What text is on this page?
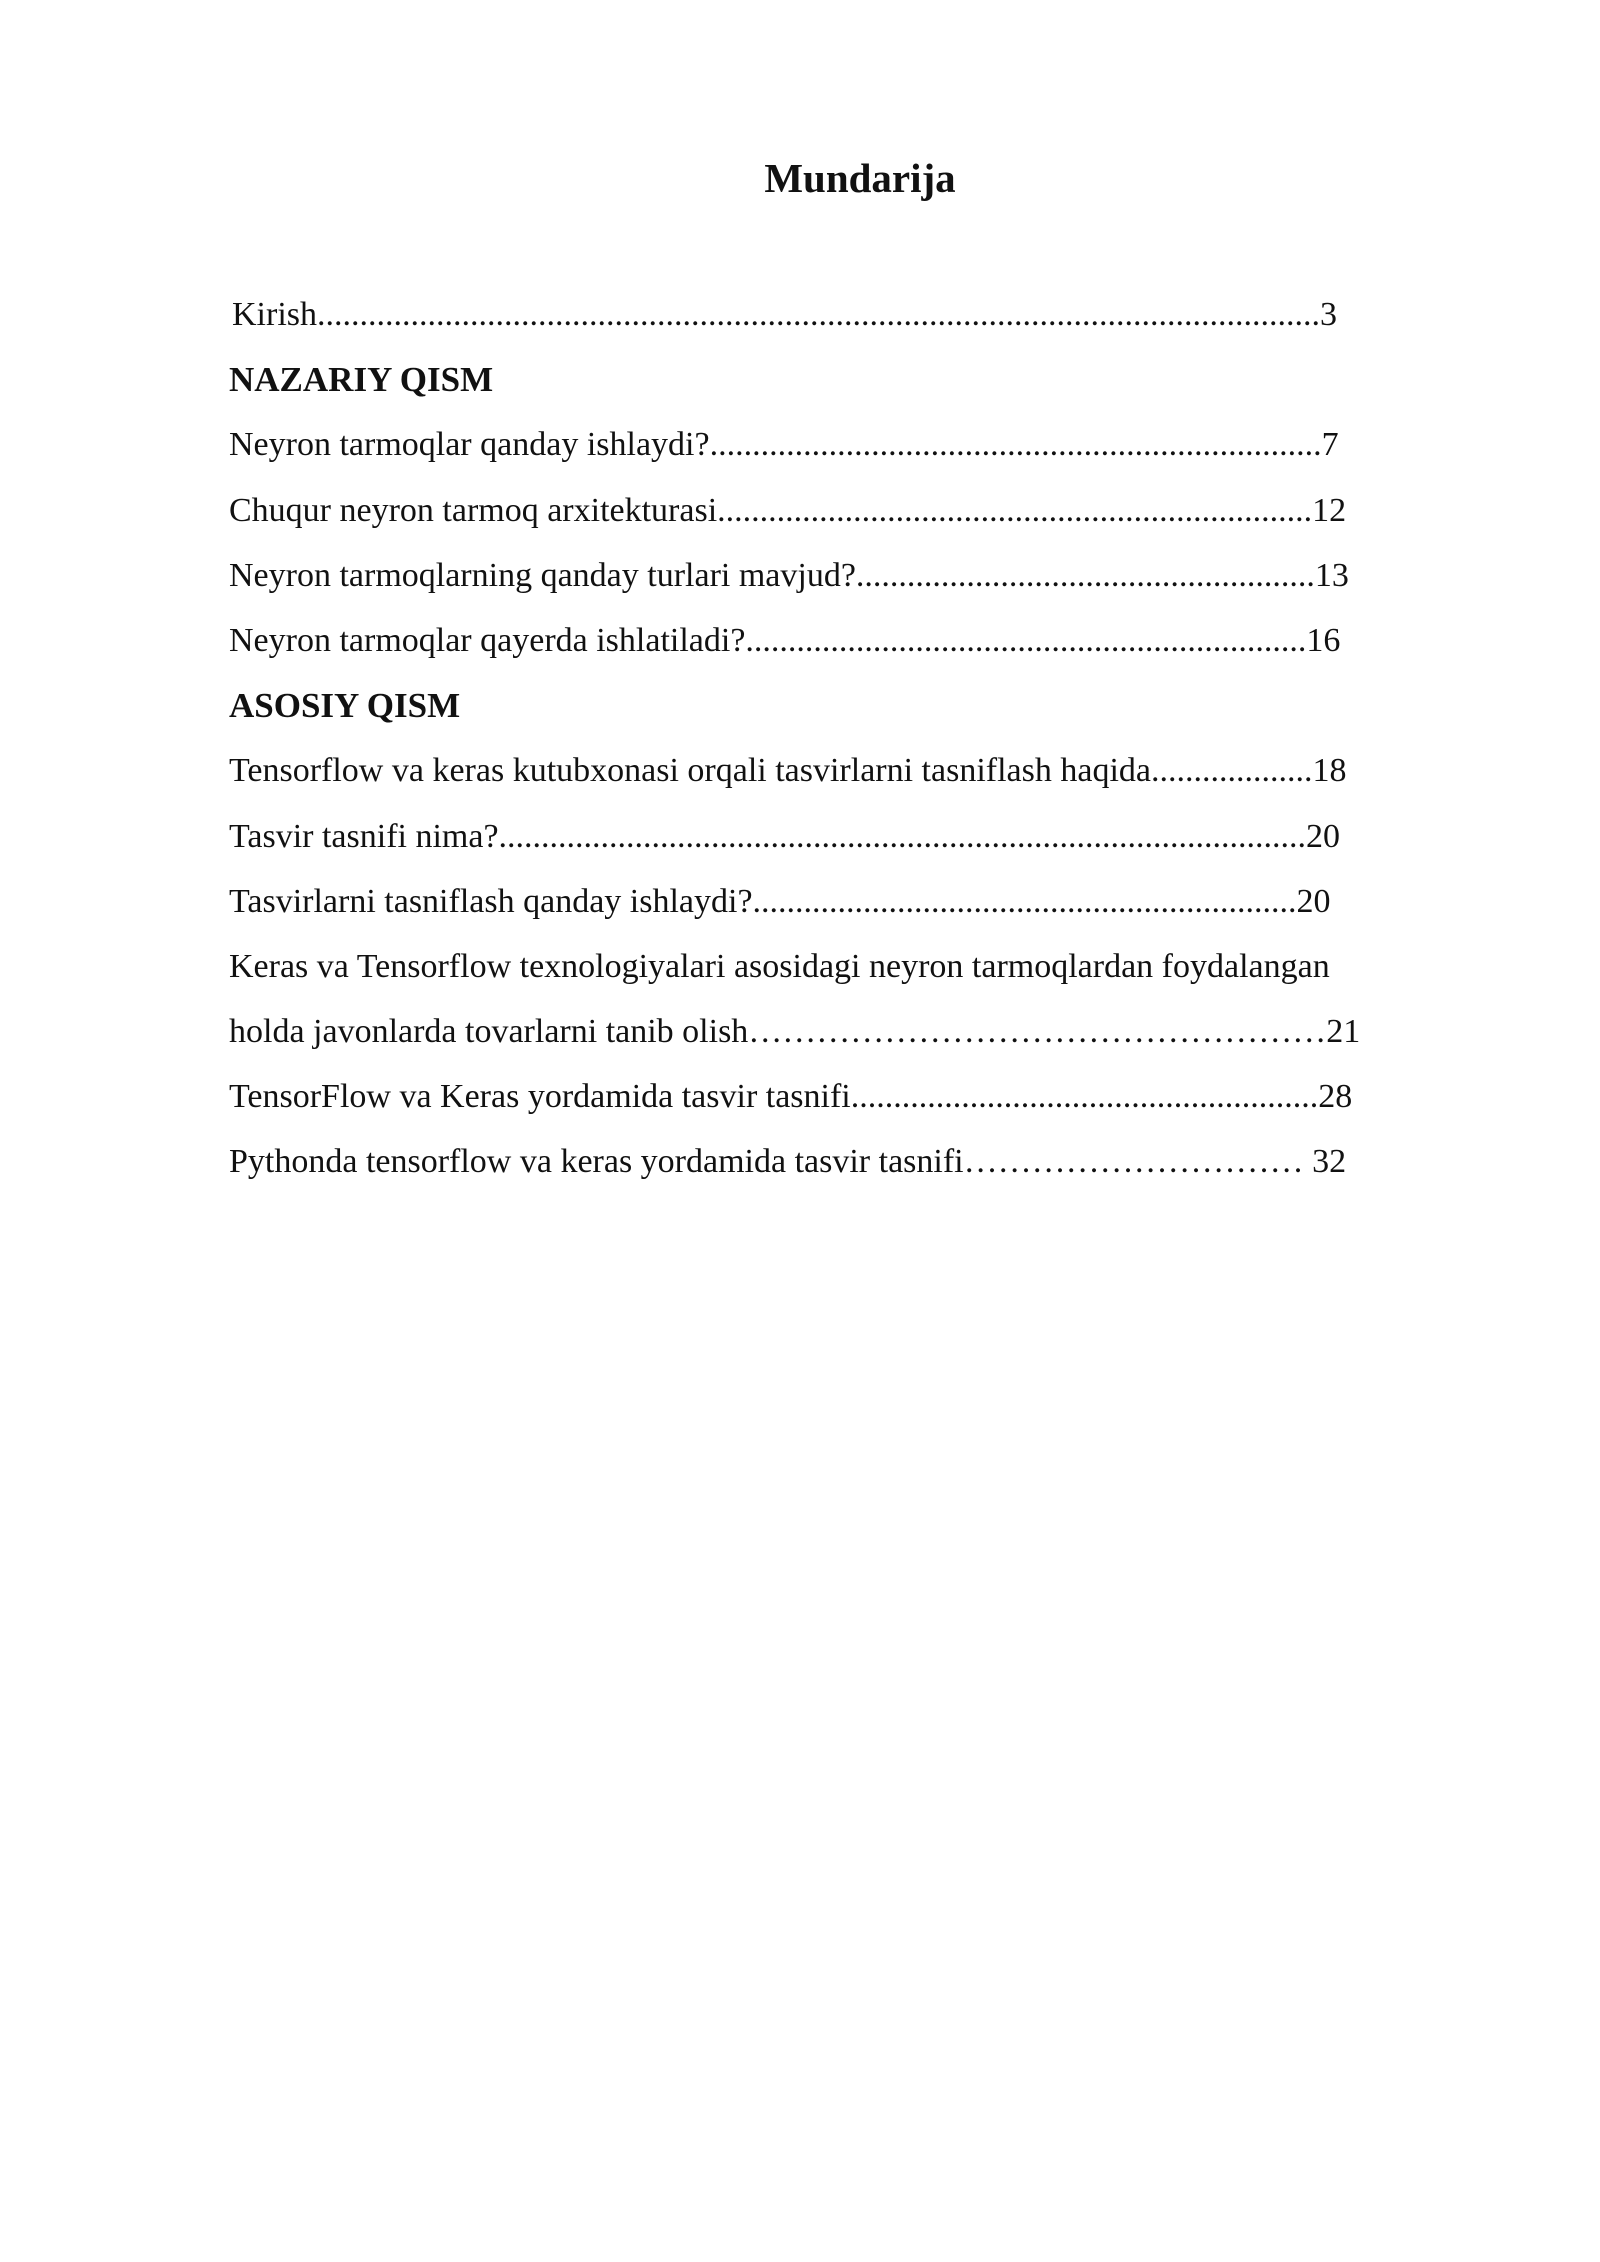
Mundarija
Kirish......................................................................................................................3
NAZARIY QISM
Neyron tarmoqlar qanday ishlaydi?........................................................................7
Chuqur neyron tarmoq arxitekturasi......................................................................12
Neyron tarmoqlarning qanday turlari mavjud?......................................................13
Neyron tarmoqlar qayerda ishlatiladi?..................................................................16
ASOSIY QISM
Tensorflow va keras kutubxonasi orqali tasvirlarni tasniflash haqida...................18
Tasvir tasnifi nima?...............................................................................................20
Tasvirlarni tasniflash qanday ishlaydi?................................................................20
Keras va Tensorflow texnologiyalari asosidagi neyron tarmoqlardan foydalangan
holda javonlarda tovarlarni tanib olish……………………………………………21
TensorFlow va Keras yordamida tasvir tasnifi.......................................................28
Pythonda tensorflow va keras yordamida tasvir tasnifi………………………… 32
